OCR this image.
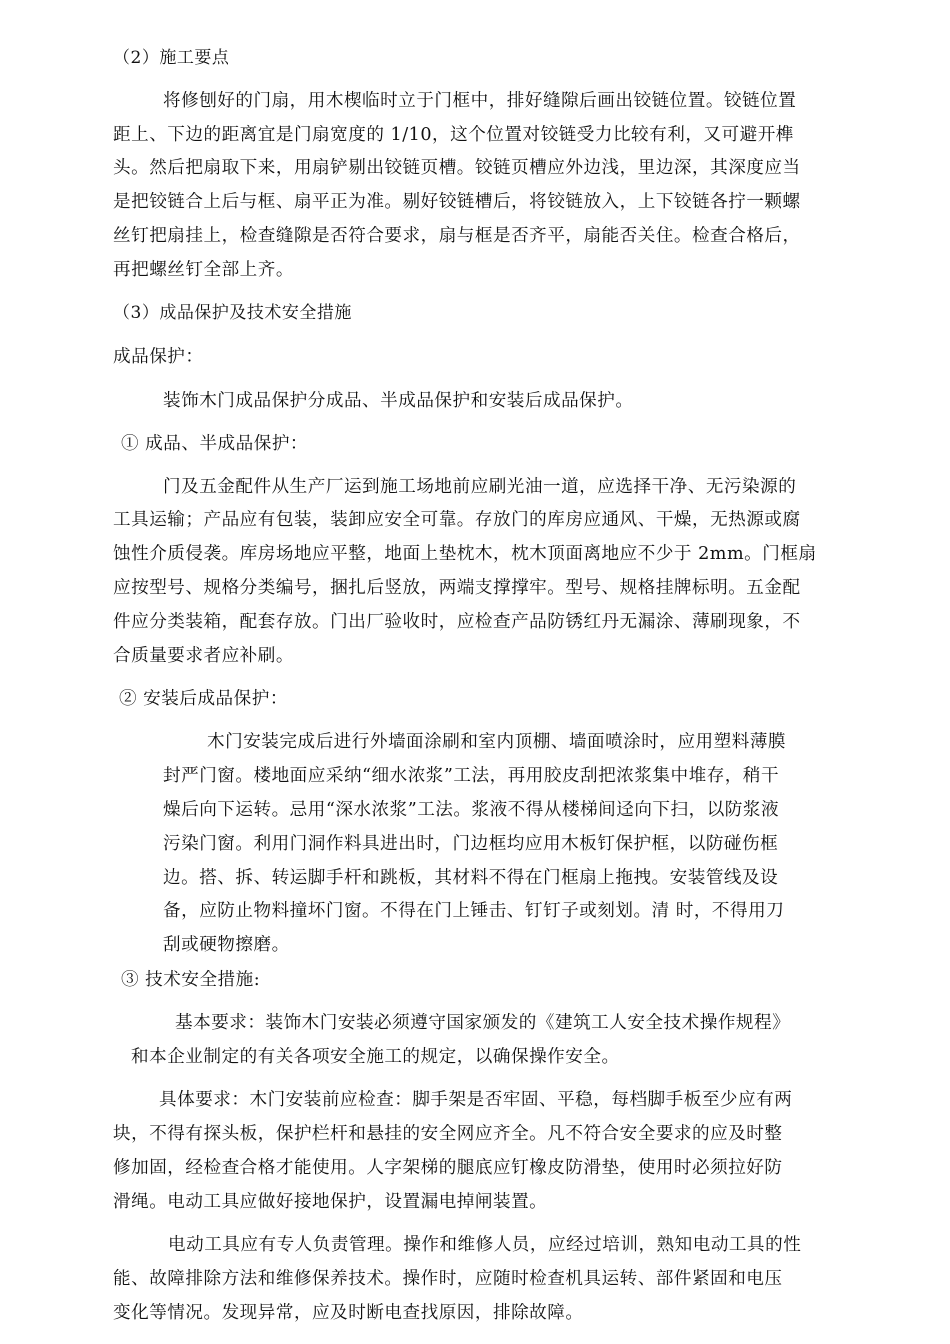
（2）施工要点
将修刨好的门扇，用木楔临时立于门框中，排好缝隙后画出铰链位置。铰链位置
距上、下边的距离宜是门扇宽度的 1/10，这个位置对铰链受力比较有利，又可避开榫
头。然后把扇取下来，用扇铲剔出铰链页槽。铰链页槽应外边浅，里边深，其深度应当
是把铰链合上后与框、扇平正为准。剔好铰链槽后，将铰链放入，上下铰链各拧一颗螺
丝钉把扇挂上，检查缝隙是否符合要求，扇与框是否齐平，扇能否关住。检查合格后，
再把螺丝钉全部上齐。
（3）成品保护及技术安全措施
成品保护：
装饰木门成品保护分成品、半成品保护和安装后成品保护。
① 成品、半成品保护：
门及五金配件从生产厂运到施工场地前应刷光油一道，应选择干净、无污染源的
工具运输；产品应有包装，装卸应安全可靠。存放门的库房应通风、干燥，无热源或腐
蚀性介质侵袭。库房场地应平整，地面上垫枕木，枕木顶面离地应不少于 2mm。门框扇
应按型号、规格分类编号，捆扎后竖放，两端支撑撑牢。型号、规格挂牌标明。五金配
件应分类装箱，配套存放。门出厂验收时，应检查产品防锈红丹无漏涂、薄刷现象，不
合质量要求者应补刷。
② 安装后成品保护：
木门安装完成后进行外墙面涂刷和室内顶棚、墙面喷涂时，应用塑料薄膜
封严门窗。楼地面应采纳“细水浓浆”工法，再用胶皮刮把浓浆集中堆存，稍干
燥后向下运转。忌用“深水浓浆”工法。浆液不得从楼梯间迳向下扫，以防浆液
污染门窗。利用门洞作料具进出时，门边框均应用木板钉保护框，以防碰伤框
边。搭、拆、转运脚手杆和跳板，其材料不得在门框扇上拖拽。安装管线及设
备，应防止物料撞坏门窗。不得在门上锤击、钉钉子或刻划。清 时，不得用刀
刮或硬物擦磨。
③ 技术安全措施:
基本要求：装饰木门安装必须遵守国家颁发的《建筑工人安全技术操作规程》
和本企业制定的有关各项安全施工的规定，以确保操作安全。
具体要求：木门安装前应检查：脚手架是否牢固、平稳，每档脚手板至少应有两
块，不得有探头板，保护栏杆和悬挂的安全网应齐全。凡不符合安全要求的应及时整
修加固，经检查合格才能使用。人字架梯的腿底应钉橡皮防滑垫，使用时必须拉好防
滑绳。电动工具应做好接地保护，设置漏电掉闸装置。
电动工具应有专人负责管理。操作和维修人员，应经过培训，熟知电动工具的性
能、故障排除方法和维修保养技术。操作时，应随时检查机具运转、部件紧固和电压
变化等情况。发现异常，应及时断电查找原因，排除故障。
